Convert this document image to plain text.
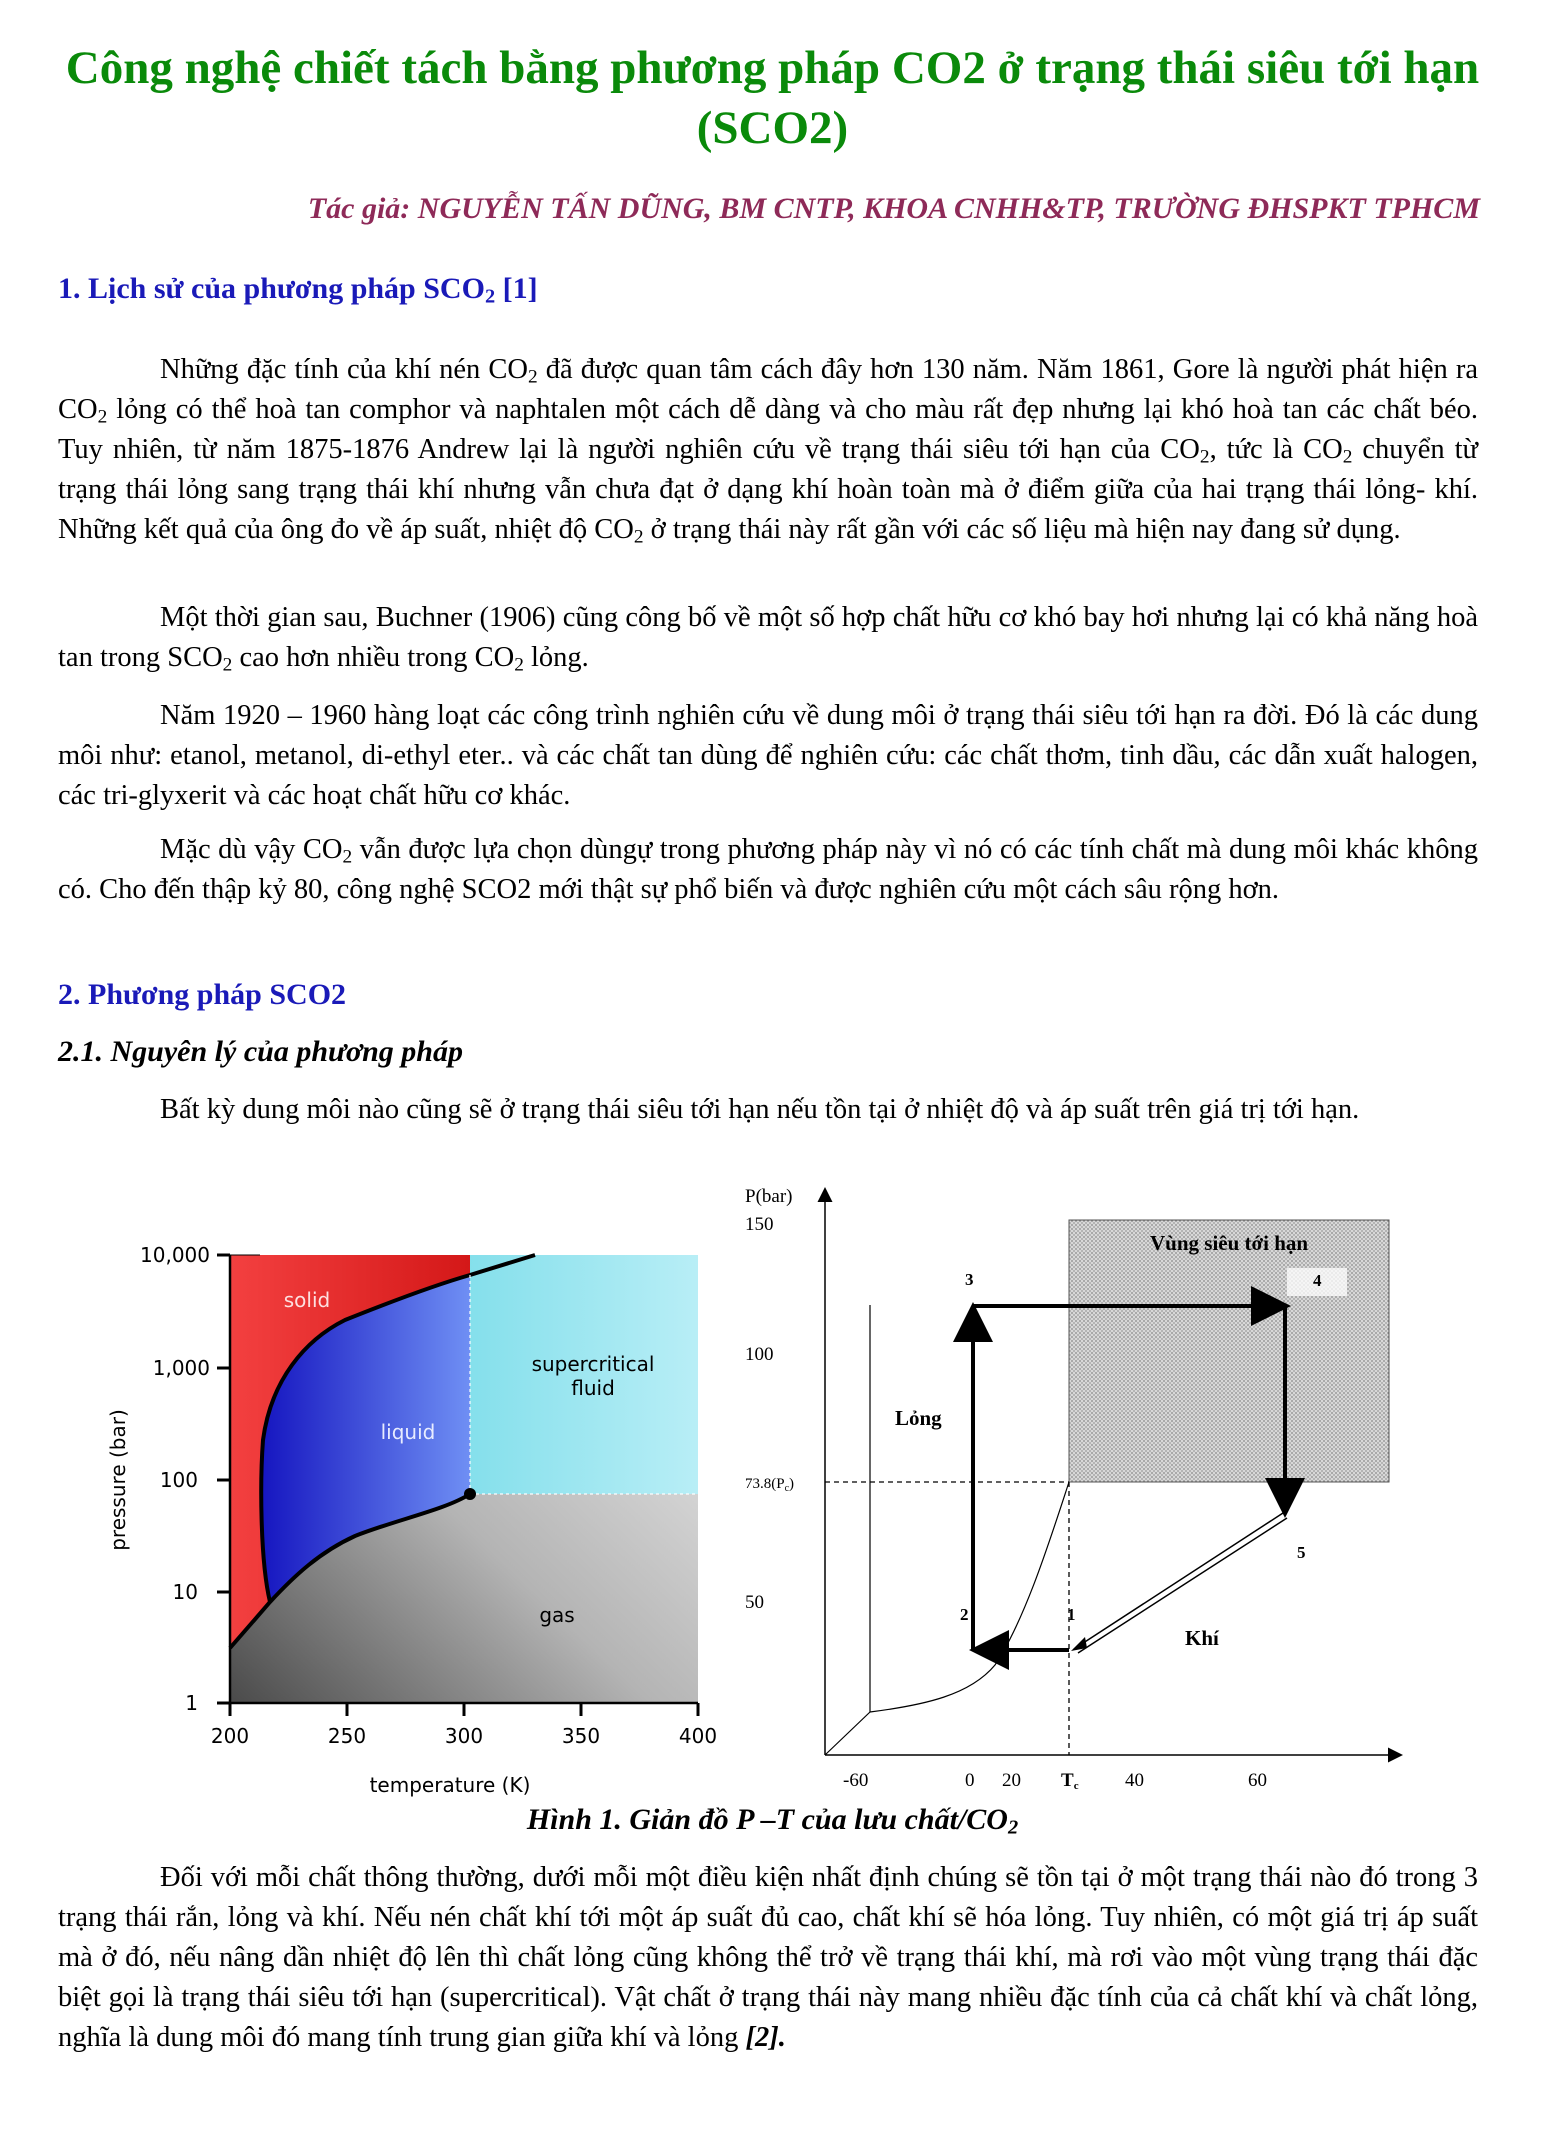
Công nghệ chiết tách bằng phương pháp CO2 ở trạng thái siêu tới hạn (SCO2)

Tác giả: NGUYỄN TẤN DŨNG, BM CNTP, KHOA CNHH&TP, TRƯỜNG ĐHSPKT TPHCM

1. Lịch sử của phương pháp $SCO_2$ [1]

Những đặc tính của khí nén $CO_2$ đã được quan tâm cách đây hơn 130 năm. Năm 1861, Gore là người phát hiện ra $CO_2$ lỏng có thể hoà tan comphor và naphtalen một cách dễ dàng và cho màu rất đẹp nhưng lại khó hoà tan các chất béo. Tuy nhiên, từ năm 1875-1876 Andrew lại là người nghiên cứu về trạng thái siêu tới hạn của $CO_2$, tức là $CO_2$ chuyển từ trạng thái lỏng sang trạng thái khí nhưng vẫn chưa đạt ở dạng khí hoàn toàn mà ở điểm giữa của hai trạng thái lỏng- khí. Những kết quả của ông đo về áp suất, nhiệt độ $CO_2$ ở trạng thái này rất gần với các số liệu mà hiện nay đang sử dụng.

Một thời gian sau, Buchner (1906) cũng công bố về một số hợp chất hữu cơ khó bay hơi nhưng lại có khả năng hoà tan trong $SCO_2$ cao hơn nhiều trong $CO_2$ lỏng.

Năm 1920 – 1960 hàng loạt các công trình nghiên cứu về dung môi ở trạng thái siêu tới hạn ra đời. Đó là các dung môi như: etanol, metanol, di-ethyl eter.. và các chất tan dùng để nghiên cứu: các chất thơm, tinh dầu, các dẫn xuất halogen, các tri-glyxerit và các hoạt chất hữu cơ khác.

Mặc dù vậy $CO_2$ vẫn được lựa chọn dùngự trong phương pháp này vì nó có các tính chất mà dung môi khác không có. Cho đến thập kỷ 80, công nghệ SCO2 mới thật sự phổ biến và được nghiên cứu một cách sâu rộng hơn.

2. Phương pháp SCO2
2.1. Nguyên lý của phương pháp

Bất kỳ dung môi nào cũng sẽ ở trạng thái siêu tới hạn nếu tồn tại ở nhiệt độ và áp suất trên giá trị tới hạn.

10,000
1,000
100
10
1
200	250	300	350	400
temperature (K)
pressure (bar)
solid
liquid
supercritical
fluid
gas
P(bar)
150
100
$73.8(P_c)$
50
-60	0 20 Tc 40	60
Vùng siêu tới hạn
Lỏng
Khí
1
2
3	4
5

Hình 1. Giản đồ P –T của lưu chất/$CO_2$

Đối với mỗi chất thông thường, dưới mỗi một điều kiện nhất định chúng sẽ tồn tại ở một trạng thái nào đó trong 3 trạng thái rắn, lỏng và khí. Nếu nén chất khí tới một áp suất đủ cao, chất khí sẽ hóa lỏng. Tuy nhiên, có một giá trị áp suất mà ở đó, nếu nâng dần nhiệt độ lên thì chất lỏng cũng không thể trở về trạng thái khí, mà rơi vào một vùng trạng thái đặc biệt gọi là trạng thái siêu tới hạn (supercritical). Vật chất ở trạng thái này mang nhiều đặc tính của cả chất khí và chất lỏng, nghĩa là dung môi đó mang tính trung gian giữa khí và lỏng [2].
